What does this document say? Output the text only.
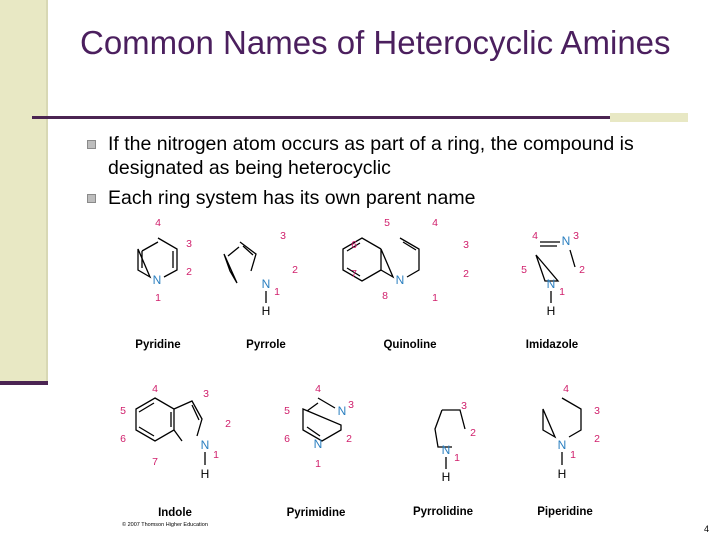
Common Names of Heterocyclic Amines
If the nitrogen atom occurs as part of a ring, the compound is designated as being heterocyclic
Each ring system has its own parent name
N	N	N
N
N
N
N
N	N	N
H	H
H	H	H
4
3
2
1
3
2
1
5	4
6	3
7	2
8	1
4	3
5	2
1
4	3
5
2
6
1
7
4
5	3
6	2
1
3
2
1
4
3
2
1
Pyridine	Pyrrole	Quinoline	Imidazole
Indole	Pyrimidine	Pyrrolidine	Piperidine
© 2007 Thomson Higher Education	4
